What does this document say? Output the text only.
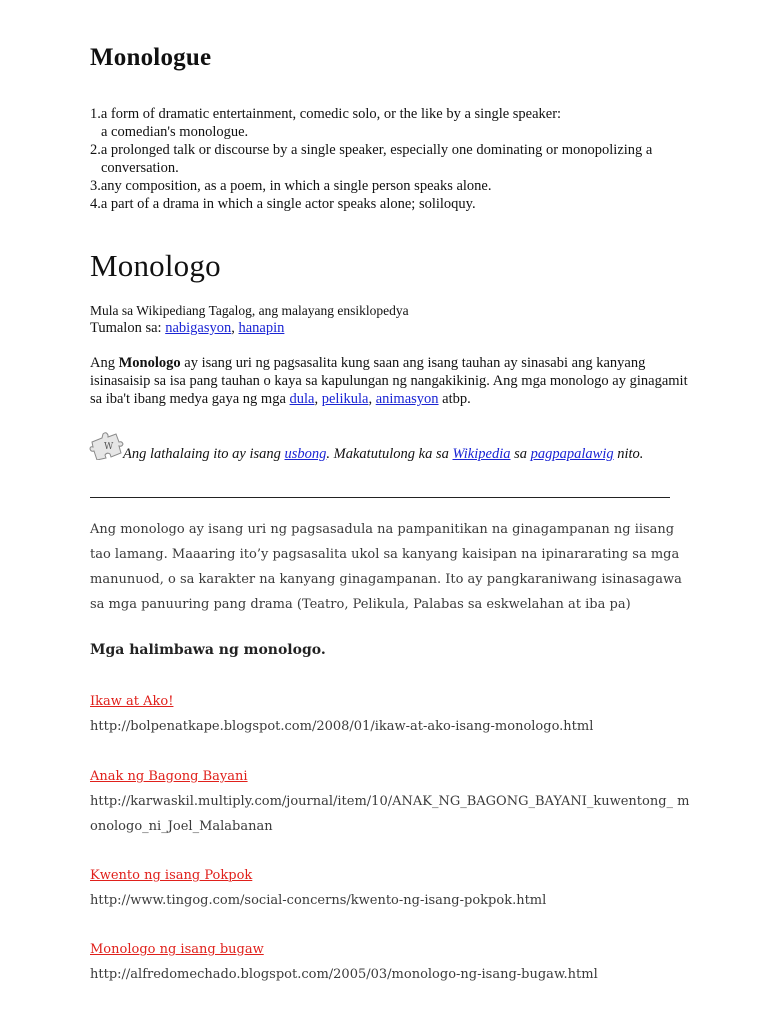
Monologue
1.a form of dramatic entertainment, comedic solo, or the like by a single speaker:
a comedian's monologue.
2.a prolonged talk or discourse by a single speaker, especially one dominating or monopolizing a
conversation.
3.any composition, as a poem, in which a single person speaks alone.
4.a part of a drama in which a single actor speaks alone; soliloquy.
Monologo
Mula sa Wikipediang Tagalog, ang malayang ensiklopedya
Tumalon sa: nabigasyon, hanapin
Ang Monologo ay isang uri ng pagsasalita kung saan ang isang tauhan ay sinasabi ang kanyang isinasaisip sa isa pang tauhan o kaya sa kapulungan ng nangakikinig. Ang mga monologo ay ginagamit sa iba't ibang medya gaya ng mga dula, pelikula, animasyon atbp.
W Ang lathalaing ito ay isang usbong. Makatutulong ka sa Wikipedia sa pagpapalawig nito.
Ang monologo ay isang uri ng pagsasadula na pampanitikan na ginagampanan ng iisang tao lamang. Maaaring ito’y pagsasalita ukol sa kanyang kaisipan na ipinararating sa mga manunuod, o sa karakter na kanyang ginagampanan. Ito ay pangkaraniwang isinasagawa sa mga panuuring pang drama (Teatro, Pelikula, Palabas sa eskwelahan at iba pa)
Mga halimbawa ng monologo.
Ikaw at Ako!
http://bolpenatkape.blogspot.com/2008/01/ikaw-at-ako-isang-monologo.html
Anak ng Bagong Bayani
http://karwaskil.multiply.com/journal/item/10/ANAK_NG_BAGONG_BAYANI_kuwentong_ monologo_ni_Joel_Malabanan
Kwento ng isang Pokpok
http://www.tingog.com/social-concerns/kwento-ng-isang-pokpok.html
Monologo ng isang bugaw
http://alfredomechado.blogspot.com/2005/03/monologo-ng-isang-bugaw.html
